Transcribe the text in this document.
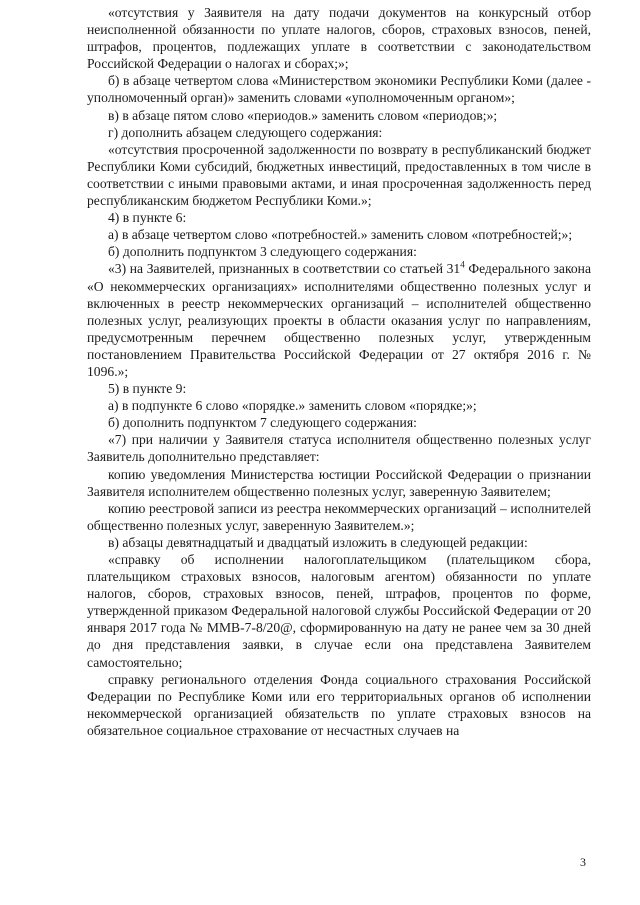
«отсутствия у Заявителя на дату подачи документов на конкурсный отбор неисполненной обязанности по уплате налогов, сборов, страховых взносов, пеней, штрафов, процентов, подлежащих уплате в соответствии с законодательством Российской Федерации о налогах и сборах;»;

б) в абзаце четвертом слова «Министерством экономики Республики Коми (далее - уполномоченный орган)» заменить словами «уполномоченным органом»;

в) в абзаце пятом слово «периодов.» заменить словом «периодов;»;

г) дополнить абзацем следующего содержания:

«отсутствия просроченной задолженности по возврату в республиканский бюджет Республики Коми субсидий, бюджетных инвестиций, предоставленных в том числе в соответствии с иными правовыми актами, и иная просроченная задолженность перед республиканским бюджетом Республики Коми.»;

4) в пункте 6:

а) в абзаце четвертом слово «потребностей.» заменить словом «потребностей;»;

б) дополнить подпунктом 3 следующего содержания:

«3) на Заявителей, признанных в соответствии со статьей $31^4$ Федерального закона «О некоммерческих организациях» исполнителями общественно полезных услуг и включенных в реестр некоммерческих организаций – исполнителей общественно полезных услуг, реализующих проекты в области оказания услуг по направлениям, предусмотренным перечнем общественно полезных услуг, утвержденным постановлением Правительства Российской Федерации от 27 октября 2016 г. № 1096.»;

5) в пункте 9:

а) в подпункте 6 слово «порядке.» заменить словом «порядке;»;

б) дополнить подпунктом 7 следующего содержания:

«7) при наличии у Заявителя статуса исполнителя общественно полезных услуг Заявитель дополнительно представляет:

копию уведомления Министерства юстиции Российской Федерации о признании Заявителя исполнителем общественно полезных услуг, заверенную Заявителем;

копию реестровой записи из реестра некоммерческих организаций – исполнителей общественно полезных услуг, заверенную Заявителем.»;

в) абзацы девятнадцатый и двадцатый изложить в следующей редакции:

«справку об исполнении налогоплательщиком (плательщиком сбора, плательщиком страховых взносов, налоговым агентом) обязанности по уплате налогов, сборов, страховых взносов, пеней, штрафов, процентов по форме, утвержденной приказом Федеральной налоговой службы Российской Федерации от 20 января 2017 года № ММВ-7-8/20@, сформированную на дату не ранее чем за 30 дней до дня представления заявки, в случае если она представлена Заявителем самостоятельно;

справку регионального отделения Фонда социального страхования Российской Федерации по Республике Коми или его территориальных органов об исполнении некоммерческой организацией обязательств по уплате страховых взносов на обязательное социальное страхование от несчастных случаев на

3
